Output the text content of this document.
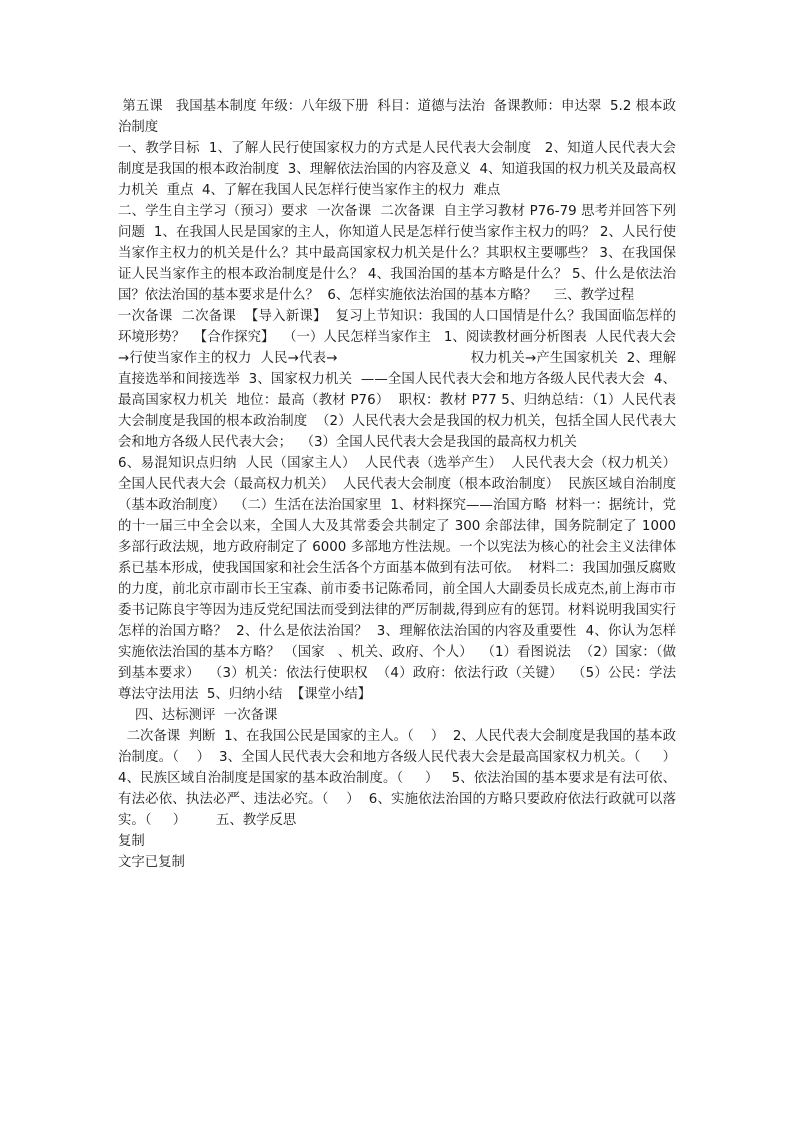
第五课   我国基本制度 年级：八年级下册  科目：道德与法治  备课教师：申达翠  5.2 根本政治制度

一、教学目标  1、了解人民行使国家权力的方式是人民代表大会制度   2、知道人民代表大会制度是我国的根本政治制度  3、理解依法治国的内容及意义  4、知道我国的权力机关及最高权力机关  重点  4、了解在我国人民怎样行使当家作主的权力  难点

二、学生自主学习（预习）要求  一次备课  二次备课  自主学习教材 P76-79 思考并回答下列问题  1、在我国人民是国家的主人，你知道人民是怎样行使当家作主权力的吗？ 2、人民行使当家作主权力的机关是什么？其中最高国家权力机关是什么？其职权主要哪些？ 3、在我国保证人民当家作主的根本政治制度是什么？ 4、我国治国的基本方略是什么？ 5、什么是依法治国？依法治国的基本要求是什么？  6、怎样实施依法治国的基本方略？    三、教学过程

一次备课  二次备课  【导入新课】  复习上节知识：我国的人口国情是什么？我国面临怎样的环境形势？  【合作探究】  （一）人民怎样当家作主   1、阅读教材画分析图表  人民代表大会→行使当家作主的权力  人民→代表→                              权力机关→产生国家机关  2、理解直接选举和间接选举  3、国家权力机关  ——全国人民代表大会和地方各级人民代表大会  4、最高国家权力机关  地位：最高（教材 P76）  职权：教材 P77 5、归纳总结：（1）人民代表大会制度是我国的根本政治制度  （2）人民代表大会是我国的权力机关，包括全国人民代表大会和地方各级人民代表大会；  （3）全国人民代表大会是我国的最高权力机关

6、易混知识点归纳  人民（国家主人）  人民代表（选举产生）  人民代表大会（权力机关）  全国人民代表大会（最高权力机关）  人民代表大会制度（根本政治制度）  民族区域自治制度（基本政治制度）  （二）生活在法治国家里  1、材料探究——治国方略  材料一：据统计，党的十一届三中全会以来，全国人大及其常委会共制定了 300 余部法律，国务院制定了 1000 多部行政法规，地方政府制定了 6000 多部地方性法规。一个以宪法为核心的社会主义法律体系已基本形成，使我国国家和社会生活各个方面基本做到有法可依。  材料二：我国加强反腐败的力度，前北京市副市长王宝森、前市委书记陈希同，前全国人大副委员长成克杰,前上海市市委书记陈良宇等因为违反党纪国法而受到法律的严厉制裁,得到应有的惩罚。材料说明我国实行怎样的治国方略？  2、什么是依法治国？  3、理解依法治国的内容及重要性  4、你认为怎样实施依法治国的基本方略？ （国家   、机关、政府、个人）  （1）看图说法  （2）国家：（做到基本要求）  （3）机关：依法行使职权  （4）政府：依法行政（关键）  （5）公民：学法尊法守法用法  5、归纳小结  【课堂小结】

四、达标测评  一次备课

二次备课  判断  1、在我国公民是国家的主人。（    ）  2、人民代表大会制度是我国的基本政治制度。（    ）  3、全国人民代表大会和地方各级人民代表大会是最高国家权力机关。（     ）  4、民族区域自治制度是国家的基本政治制度。（     ）   5、依法治国的基本要求是有法可依、有法必依、执法必严、违法必究。（    ）  6、实施依法治国的方略只要政府依法行政就可以落实。（     ）       五、教学反思

复制

文字已复制
